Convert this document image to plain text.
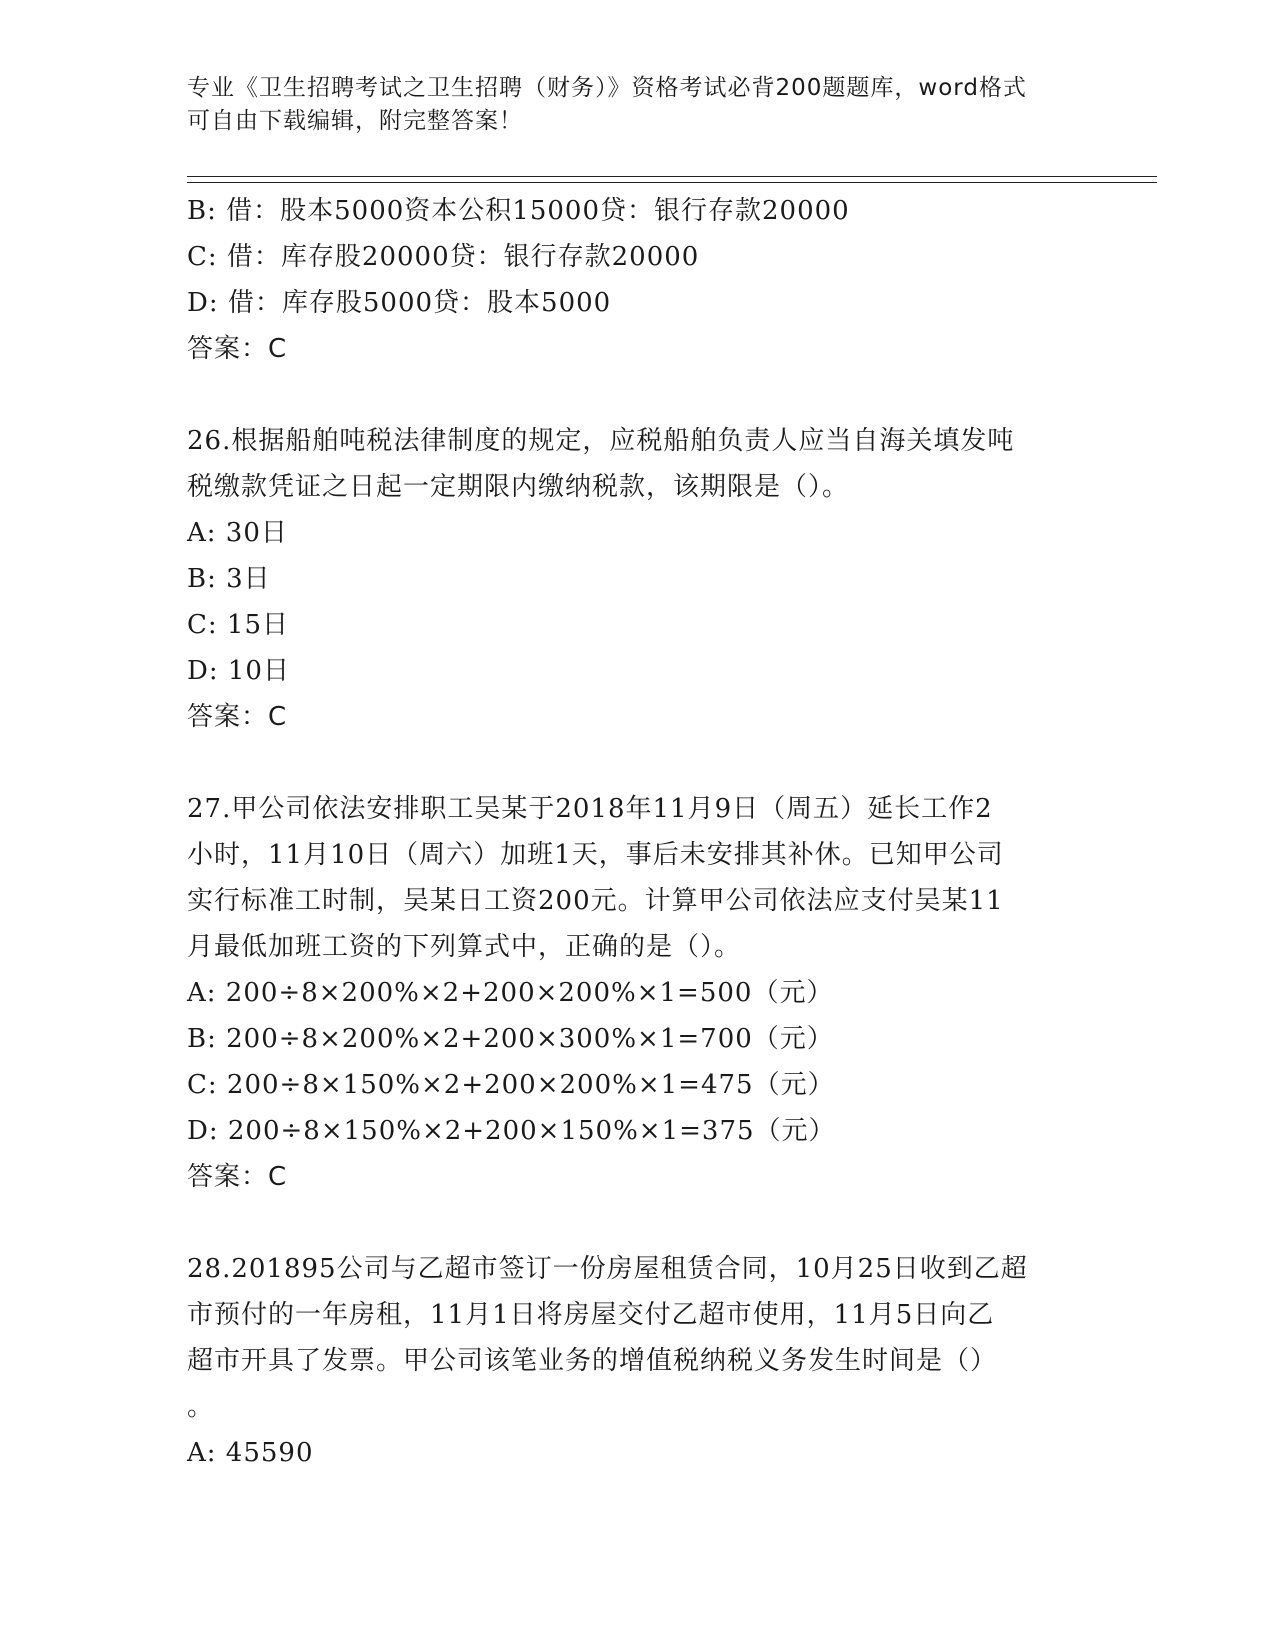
专业《卫生招聘考试之卫生招聘（财务）》资格考试必背200题题库，word格式
可自由下载编辑，附完整答案！
B: 借：股本5000资本公积15000贷：银行存款20000
C: 借：库存股20000贷：银行存款20000
D: 借：库存股5000贷：股本5000
答案：C
26.根据船舶吨税法律制度的规定，应税船舶负责人应当自海关填发吨
税缴款凭证之日起一定期限内缴纳税款，该期限是（）。
A: 30日
B: 3日
C: 15日
D: 10日
答案：C
27.甲公司依法安排职工吴某于2018年11月9日（周五）延长工作2
小时，11月10日（周六）加班1天，事后未安排其补休。已知甲公司
实行标准工时制，吴某日工资200元。计算甲公司依法应支付吴某11
月最低加班工资的下列算式中，正确的是（）。
A: 200÷8×200%×2+200×200%×1=500（元）
B: 200÷8×200%×2+200×300%×1=700（元）
C: 200÷8×150%×2+200×200%×1=475（元）
D: 200÷8×150%×2+200×150%×1=375（元）
答案：C
28.201895公司与乙超市签订一份房屋租赁合同，10月25日收到乙超
市预付的一年房租，11月1日将房屋交付乙超市使用，11月5日向乙
超市开具了发票。甲公司该笔业务的增值税纳税义务发生时间是（）
。
A: 45590
